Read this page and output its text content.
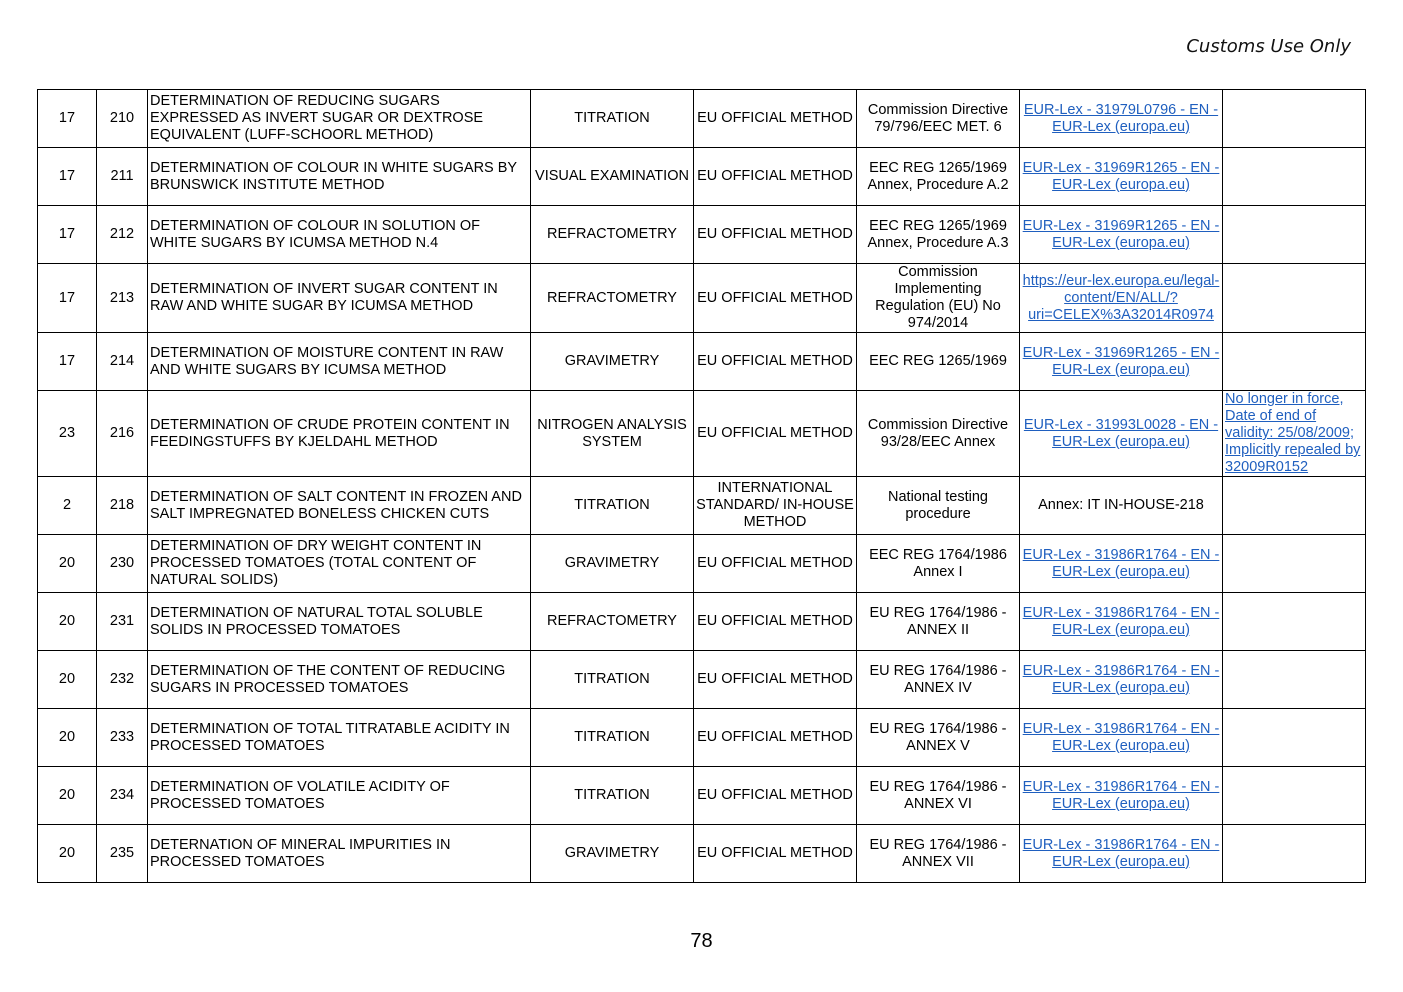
Customs Use Only
17	210	DETERMINATION OF REDUCING SUGARS EXPRESSED AS INVERT SUGAR OR DEXTROSE EQUIVALENT (LUFF-SCHOORL METHOD)	TITRATION	EU OFFICIAL METHOD	Commission Directive 79/796/EEC MET. 6	EUR-Lex - 31979L0796 - EN - EUR-Lex (europa.eu)	
17	211	DETERMINATION OF COLOUR IN WHITE SUGARS BY BRUNSWICK INSTITUTE METHOD	VISUAL EXAMINATION	EU OFFICIAL METHOD	EEC REG 1265/1969 Annex, Procedure A.2	EUR-Lex - 31969R1265 - EN - EUR-Lex (europa.eu)	
17	212	DETERMINATION OF COLOUR IN SOLUTION OF WHITE SUGARS BY ICUMSA METHOD N.4	REFRACTOMETRY	EU OFFICIAL METHOD	EEC REG 1265/1969 Annex, Procedure A.3	EUR-Lex - 31969R1265 - EN - EUR-Lex (europa.eu)	
17	213	DETERMINATION OF INVERT SUGAR CONTENT IN RAW AND WHITE SUGAR BY ICUMSA METHOD	REFRACTOMETRY	EU OFFICIAL METHOD	Commission Implementing Regulation (EU) No 974/2014	https://eur-lex.europa.eu/legal-content/EN/ALL/?uri=CELEX%3A32014R0974	
17	214	DETERMINATION OF MOISTURE CONTENT IN RAW AND WHITE SUGARS BY ICUMSA METHOD	GRAVIMETRY	EU OFFICIAL METHOD	EEC REG 1265/1969	EUR-Lex - 31969R1265 - EN - EUR-Lex (europa.eu)	
23	216	DETERMINATION OF CRUDE PROTEIN CONTENT IN FEEDINGSTUFFS BY KJELDAHL METHOD	NITROGEN ANALYSIS SYSTEM	EU OFFICIAL METHOD	Commission Directive 93/28/EEC Annex	EUR-Lex - 31993L0028 - EN - EUR-Lex (europa.eu)	No longer in force, Date of end of validity: 25/08/2009; Implicitly repealed by 32009R0152
2	218	DETERMINATION OF SALT CONTENT IN FROZEN AND SALT IMPREGNATED BONELESS CHICKEN CUTS	TITRATION	INTERNATIONAL STANDARD/ IN-HOUSE METHOD	National testing procedure	Annex: IT IN-HOUSE-218	
20	230	DETERMINATION OF DRY WEIGHT CONTENT IN PROCESSED TOMATOES (TOTAL CONTENT OF NATURAL SOLIDS)	GRAVIMETRY	EU OFFICIAL METHOD	EEC REG 1764/1986 Annex I	EUR-Lex - 31986R1764 - EN - EUR-Lex (europa.eu)	
20	231	DETERMINATION OF NATURAL TOTAL SOLUBLE SOLIDS IN PROCESSED TOMATOES	REFRACTOMETRY	EU OFFICIAL METHOD	EU REG 1764/1986 - ANNEX II	EUR-Lex - 31986R1764 - EN - EUR-Lex (europa.eu)	
20	232	DETERMINATION OF THE CONTENT OF REDUCING SUGARS IN PROCESSED TOMATOES	TITRATION	EU OFFICIAL METHOD	EU REG 1764/1986 - ANNEX IV	EUR-Lex - 31986R1764 - EN - EUR-Lex (europa.eu)	
20	233	DETERMINATION OF TOTAL TITRATABLE ACIDITY IN PROCESSED TOMATOES	TITRATION	EU OFFICIAL METHOD	EU REG 1764/1986 - ANNEX V	EUR-Lex - 31986R1764 - EN - EUR-Lex (europa.eu)	
20	234	DETERMINATION OF VOLATILE ACIDITY OF PROCESSED TOMATOES	TITRATION	EU OFFICIAL METHOD	EU REG 1764/1986 - ANNEX VI	EUR-Lex - 31986R1764 - EN - EUR-Lex (europa.eu)	
20	235	DETERNATION OF MINERAL IMPURITIES IN PROCESSED TOMATOES	GRAVIMETRY	EU OFFICIAL METHOD	EU REG 1764/1986 - ANNEX VII	EUR-Lex - 31986R1764 - EN - EUR-Lex (europa.eu)	
78
